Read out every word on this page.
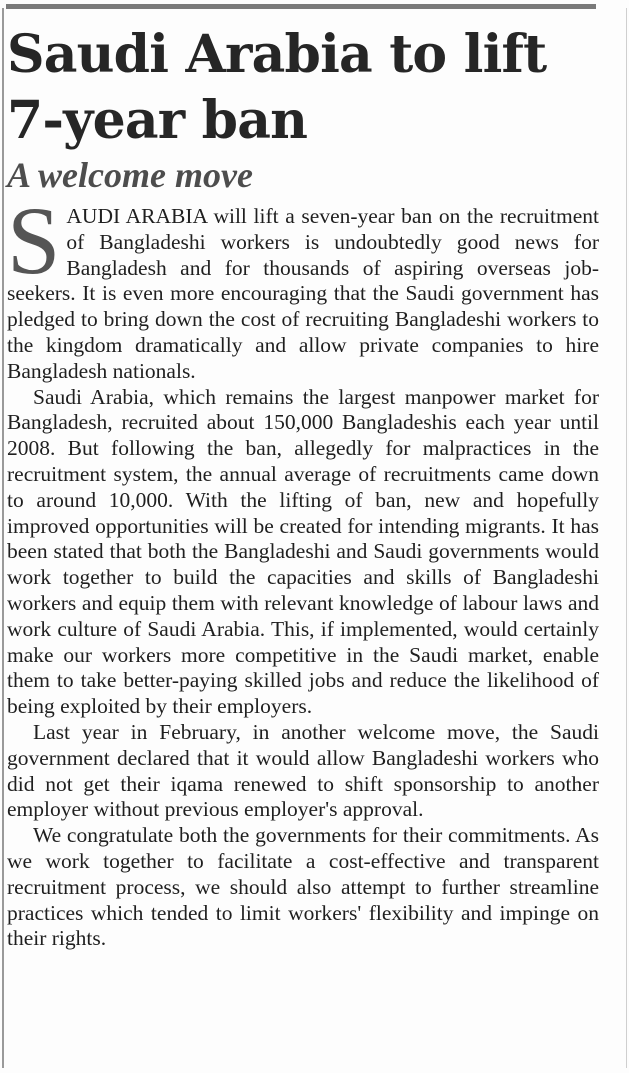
Saudi Arabia to lift 7-year ban
A welcome move

SAUDI ARABIA will lift a seven-year ban on the recruitment of Bangladeshi workers is undoubtedly good news for Bangladesh and for thousands of aspiring overseas job-seekers. It is even more encouraging that the Saudi government has pledged to bring down the cost of recruiting Bangladeshi workers to the kingdom dramatically and allow private companies to hire Bangladesh nationals.

Saudi Arabia, which remains the largest manpower market for Bangladesh, recruited about 150,000 Bangladeshis each year until 2008. But following the ban, allegedly for malpractices in the recruitment system, the annual average of recruitments came down to around 10,000. With the lifting of ban, new and hopefully improved opportunities will be created for intending migrants. It has been stated that both the Bangladeshi and Saudi governments would work together to build the capacities and skills of Bangladeshi workers and equip them with relevant knowledge of labour laws and work culture of Saudi Arabia. This, if implemented, would certainly make our workers more competitive in the Saudi market, enable them to take better-paying skilled jobs and reduce the likelihood of being exploited by their employers.

Last year in February, in another welcome move, the Saudi government declared that it would allow Bangladeshi workers who did not get their iqama renewed to shift sponsorship to another employer without previous employer's approval.

We congratulate both the governments for their commitments. As we work together to facilitate a cost-effective and transparent recruitment process, we should also attempt to further streamline practices which tended to limit workers' flexibility and impinge on their rights.
